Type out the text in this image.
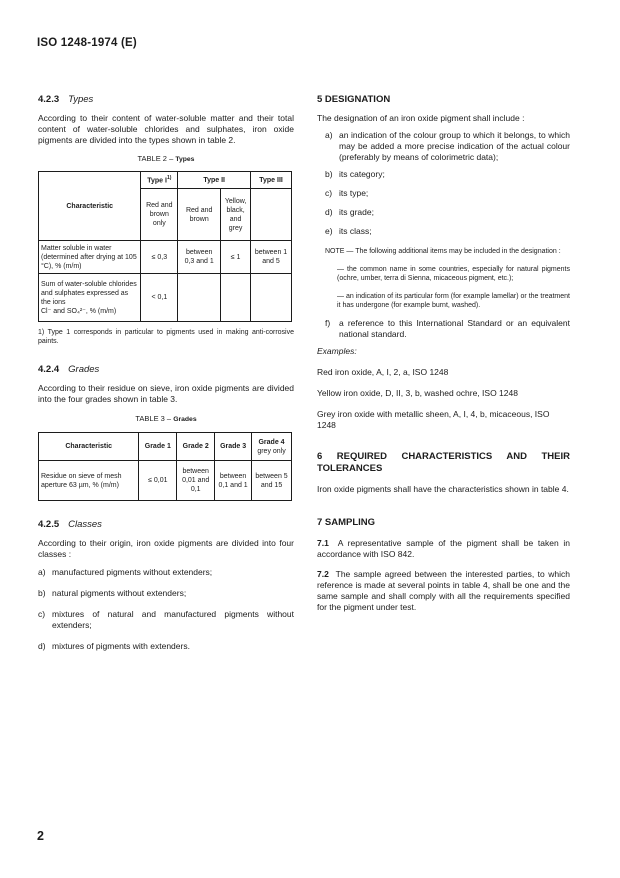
ISO 1248-1974 (E)
4.2.3 Types

According to their content of water-soluble matter and their total content of water-soluble chlorides and sulphates, iron oxide pigments are divided into the types shown in table 2.

TABLE 2 – Types
Characteristic	Type $I^{1)}$	Type II		Type III
	Red and brown only	Red and brown	Yellow, black, and grey	
Matter soluble in water (determined after drying at 105 °C), % (m/m)	≤ 0,3	between 0,3 and 1	≤ 1	between 1 and 5
Sum of water-soluble chlorides and sulphates expressed as the ions
Cl⁻ and SO₄²⁻, % (m/m)	< 0,1			

1) Type 1 corresponds in particular to pigments used in making anti-corrosive paints.

4.2.4 Grades

According to their residue on sieve, iron oxide pigments are divided into the four grades shown in table 3.

TABLE 3 – Grades
Characteristic	Grade 1	Grade 2	Grade 3	Grade 4
grey only
Residue on sieve of mesh aperture 63 µm, % (m/m)	≤ 0,01	between 0,01 and 0,1	between 0,1 and 1	between 5 and 15
4.2.5 Classes

According to their origin, iron oxide pigments are divided into four classes :

a) manufactured pigments without extenders;
b) natural pigments without extenders;
c) mixtures of natural and manufactured pigments without extenders;
d) mixtures of pigments with extenders.
5 DESIGNATION

The designation of an iron oxide pigment shall include :

a) an indication of the colour group to which it belongs, to which may be added a more precise indication of the actual colour (preferably by means of colorimetric data);
b) its category;
c) its type;
d) its grade;
e) its class;

NOTE — The following additional items may be included in the designation :

— the common name in some countries, especially for natural pigments (ochre, umber, terra di Sienna, micaceous pigment, etc.);

— an indication of its particular form (for example lamellar) or the treatment it has undergone (for example burnt, washed).

f) a reference to this International Standard or an equivalent national standard.
Examples:
Red iron oxide, A, I, 2, a, ISO 1248
Yellow iron oxide, D, II, 3, b, washed ochre, ISO 1248
Grey iron oxide with metallic sheen, A, I, 4, b, micaceous, ISO 1248
6 REQUIRED CHARACTERISTICS AND THEIR TOLERANCES

Iron oxide pigments shall have the characteristics shown in table 4.

7 SAMPLING

7.1 A representative sample of the pigment shall be taken in accordance with ISO 842.

7.2 The sample agreed between the interested parties, to which reference is made at several points in table 4, shall be one and the same sample and shall comply with all the requirements specified for the pigment under test.

2
